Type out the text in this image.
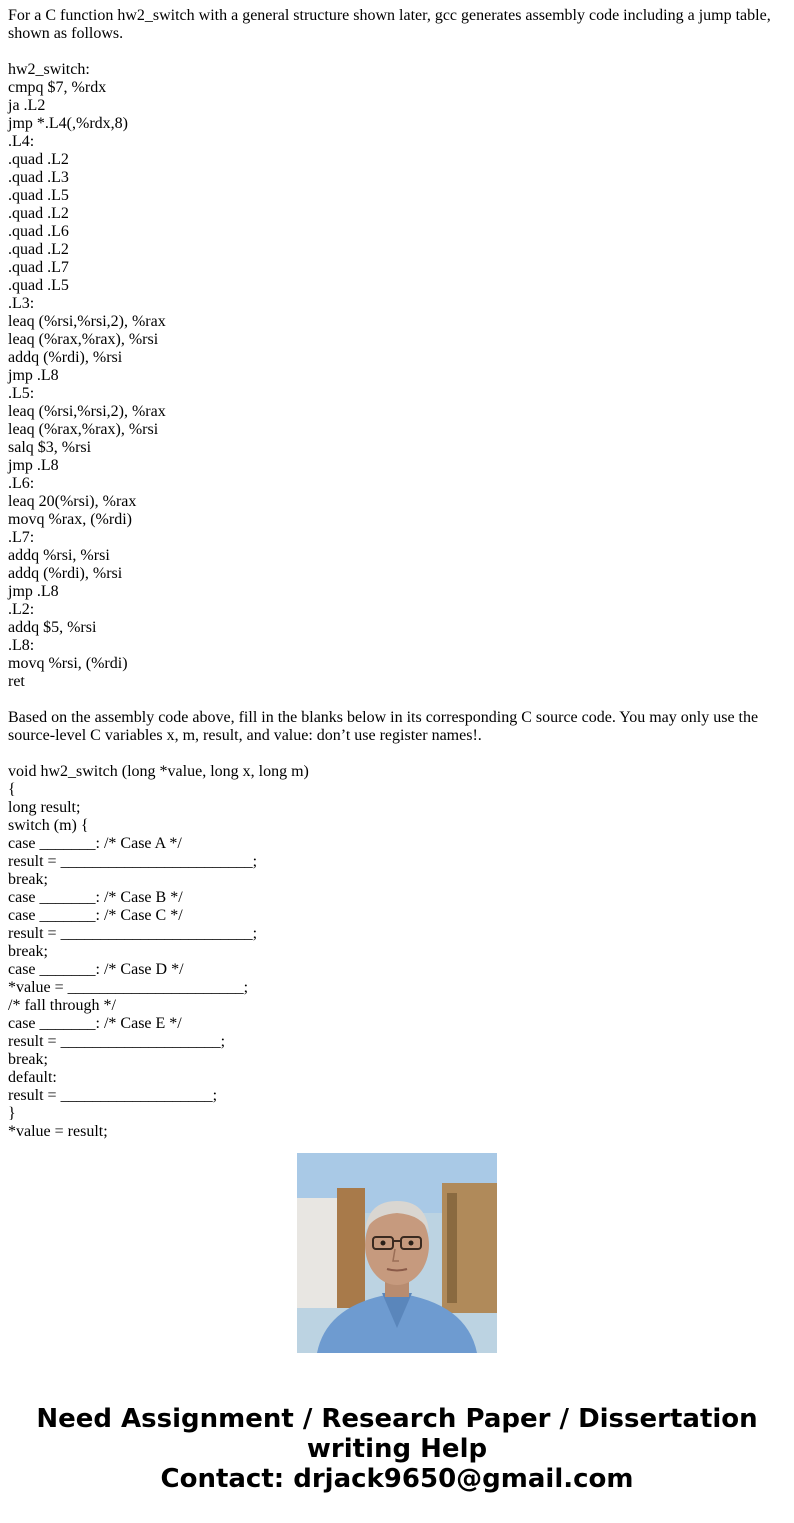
For a C function hw2_switch with a general structure shown later, gcc generates assembly code including a jump table, shown as follows.

hw2_switch:
cmpq $7, %rdx
ja .L2
jmp *.L4(,%rdx,8)
.L4:
.quad .L2
.quad .L3
.quad .L5
.quad .L2
.quad .L6
.quad .L2
.quad .L7
.quad .L5
.L3:
leaq (%rsi,%rsi,2), %rax
leaq (%rax,%rax), %rsi
addq (%rdi), %rsi
jmp .L8
.L5:
leaq (%rsi,%rsi,2), %rax
leaq (%rax,%rax), %rsi
salq $3, %rsi
jmp .L8
.L6:
leaq 20(%rsi), %rax
movq %rax, (%rdi)
.L7:
addq %rsi, %rsi
addq (%rdi), %rsi
jmp .L8
.L2:
addq $5, %rsi
.L8:
movq %rsi, (%rdi)
ret

Based on the assembly code above, fill in the blanks below in its corresponding C source code. You may only use the source-level C variables x, m, result, and value: don’t use register names!.

void hw2_switch (long *value, long x, long m)
{
long result;
switch (m) {
case _______: /* Case A */
result = ________________________;
break;
case _______: /* Case B */
case _______: /* Case C */
result = ________________________;
break;
case _______: /* Case D */
*value = ______________________;
/* fall through */
case _______: /* Case E */
result = ____________________;
break;
default:
result = ___________________;
}
*value = result;
Need Assignment / Research Paper / Dissertation
writing Help
Contact: drjack9650@gmail.com
